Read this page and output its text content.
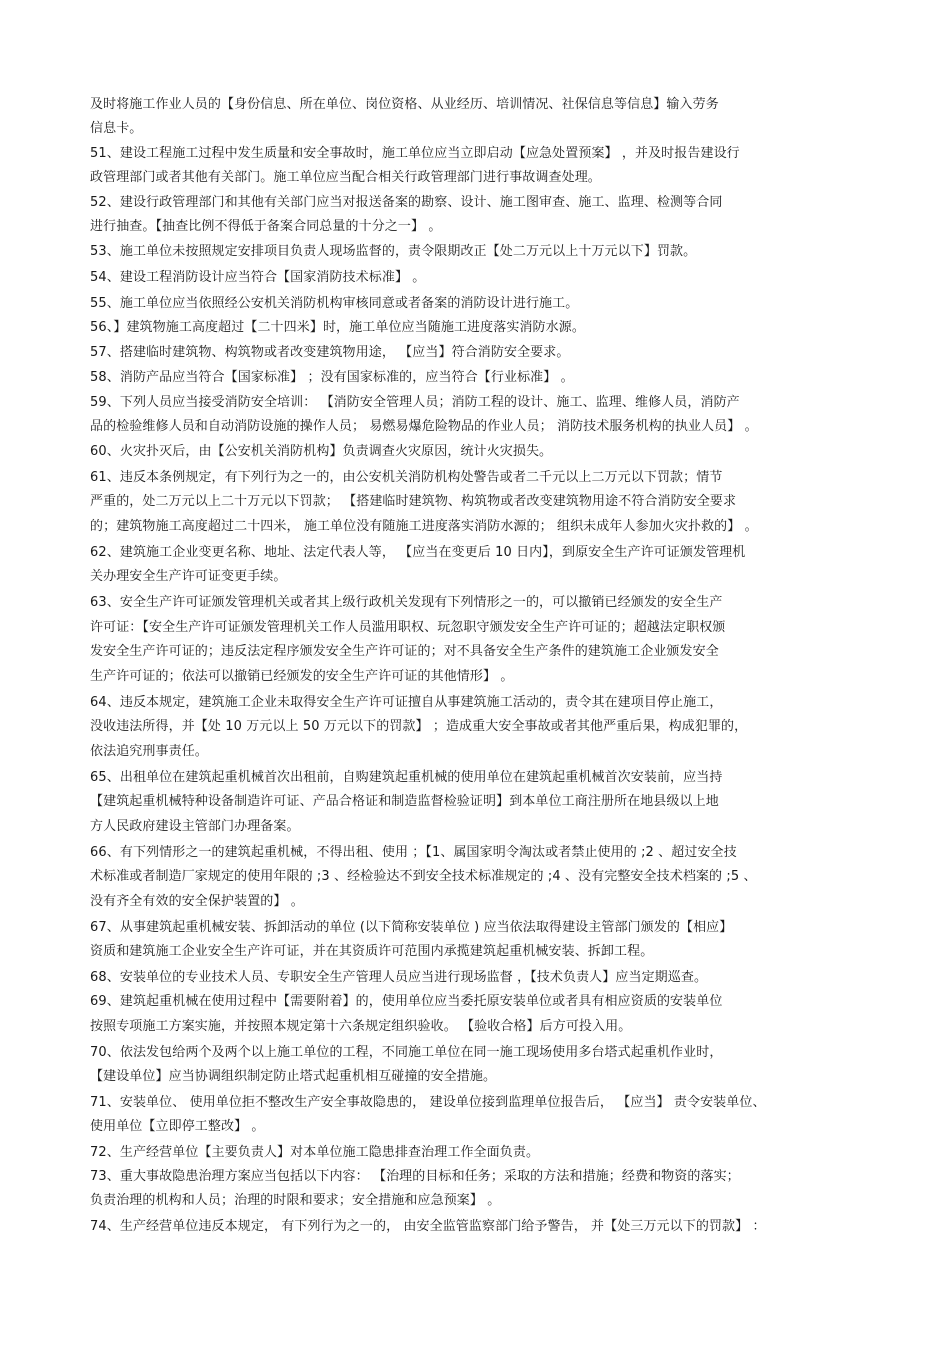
及时将施工作业人员的【身份信息、所在单位、岗位资格、从业经历、培训情况、社保信息等信息】输入劳务

信息卡。

51、建设工程施工过程中发生质量和安全事故时，施工单位应当立即启动【应急处置预案】 ，并及时报告建设行

政管理部门或者其他有关部门。施工单位应当配合相关行政管理部门进行事故调查处理。

52、建设行政管理部门和其他有关部门应当对报送备案的勘察、设计、施工图审查、施工、监理、检测等合同

进行抽查。【抽查比例不得低于备案合同总量的十分之一】 。

53、施工单位未按照规定安排项目负责人现场监督的，责令限期改正【处二万元以上十万元以下】罚款。

54、建设工程消防设计应当符合【国家消防技术标准】 。

55、施工单位应当依照经公安机关消防机构审核同意或者备案的消防设计进行施工。

56、】建筑物施工高度超过【二十四米】时，施工单位应当随施工进度落实消防水源。

57、搭建临时建筑物、构筑物或者改变建筑物用途， 【应当】符合消防安全要求。

58、消防产品应当符合【国家标准】 ；没有国家标准的，应当符合【行业标准】 。

59、下列人员应当接受消防安全培训： 【消防安全管理人员；消防工程的设计、施工、监理、维修人员，消防产

品的检验维修人员和自动消防设施的操作人员； 易燃易爆危险物品的作业人员； 消防技术服务机构的执业人员】 。

60、火灾扑灭后，由【公安机关消防机构】负责调查火灾原因，统计火灾损失。

61、违反本条例规定，有下列行为之一的，由公安机关消防机构处警告或者二千元以上二万元以下罚款；情节

严重的，处二万元以上二十万元以下罚款； 【搭建临时建筑物、构筑物或者改变建筑物用途不符合消防安全要求

的；建筑物施工高度超过二十四米， 施工单位没有随施工进度落实消防水源的； 组织未成年人参加火灾扑救的】 。

62、建筑施工企业变更名称、地址、法定代表人等， 【应当在变更后 10 日内】，到原安全生产许可证颁发管理机

关办理安全生产许可证变更手续。

63、安全生产许可证颁发管理机关或者其上级行政机关发现有下列情形之一的，可以撤销已经颁发的安全生产

许可证：【安全生产许可证颁发管理机关工作人员滥用职权、玩忽职守颁发安全生产许可证的；超越法定职权颁

发安全生产许可证的；违反法定程序颁发安全生产许可证的；对不具备安全生产条件的建筑施工企业颁发安全

生产许可证的；依法可以撤销已经颁发的安全生产许可证的其他情形】 。

64、违反本规定，建筑施工企业未取得安全生产许可证擅自从事建筑施工活动的，责令其在建项目停止施工，

没收违法所得，并【处 10 万元以上 50 万元以下的罚款】 ；造成重大安全事故或者其他严重后果，构成犯罪的，

依法追究刑事责任。

65、出租单位在建筑起重机械首次出租前，自购建筑起重机械的使用单位在建筑起重机械首次安装前，应当持

【建筑起重机械特种设备制造许可证、产品合格证和制造监督检验证明】到本单位工商注册所在地县级以上地

方人民政府建设主管部门办理备案。

66、有下列情形之一的建筑起重机械，不得出租、使用 ；【1、属国家明令淘汰或者禁止使用的 ;2 、超过安全技

术标准或者制造厂家规定的使用年限的 ;3 、经检验达不到安全技术标准规定的 ;4 、没有完整安全技术档案的 ;5 、

没有齐全有效的安全保护装置的】 。

67、从事建筑起重机械安装、拆卸活动的单位 (以下简称安装单位 ) 应当依法取得建设主管部门颁发的【相应】

资质和建筑施工企业安全生产许可证，并在其资质许可范围内承揽建筑起重机械安装、拆卸工程。

68、安装单位的专业技术人员、专职安全生产管理人员应当进行现场监督 ，【技术负责人】应当定期巡查。

69、建筑起重机械在使用过程中【需要附着】的，使用单位应当委托原安装单位或者具有相应资质的安装单位

按照专项施工方案实施，并按照本规定第十六条规定组织验收。 【验收合格】后方可投入用。

70、依法发包给两个及两个以上施工单位的工程，不同施工单位在同一施工现场使用多台塔式起重机作业时，

【建设单位】应当协调组织制定防止塔式起重机相互碰撞的安全措施。

71、安装单位、 使用单位拒不整改生产安全事故隐患的， 建设单位接到监理单位报告后， 【应当】 责令安装单位、

使用单位【立即停工整改】 。

72、生产经营单位【主要负责人】对本单位施工隐患排查治理工作全面负责。

73、重大事故隐患治理方案应当包括以下内容： 【治理的目标和任务；采取的方法和措施；经费和物资的落实；

负责治理的机构和人员；治理的时限和要求；安全措施和应急预案】 。

74、生产经营单位违反本规定， 有下列行为之一的， 由安全监管监察部门给予警告， 并【处三万元以下的罚款】 ：
